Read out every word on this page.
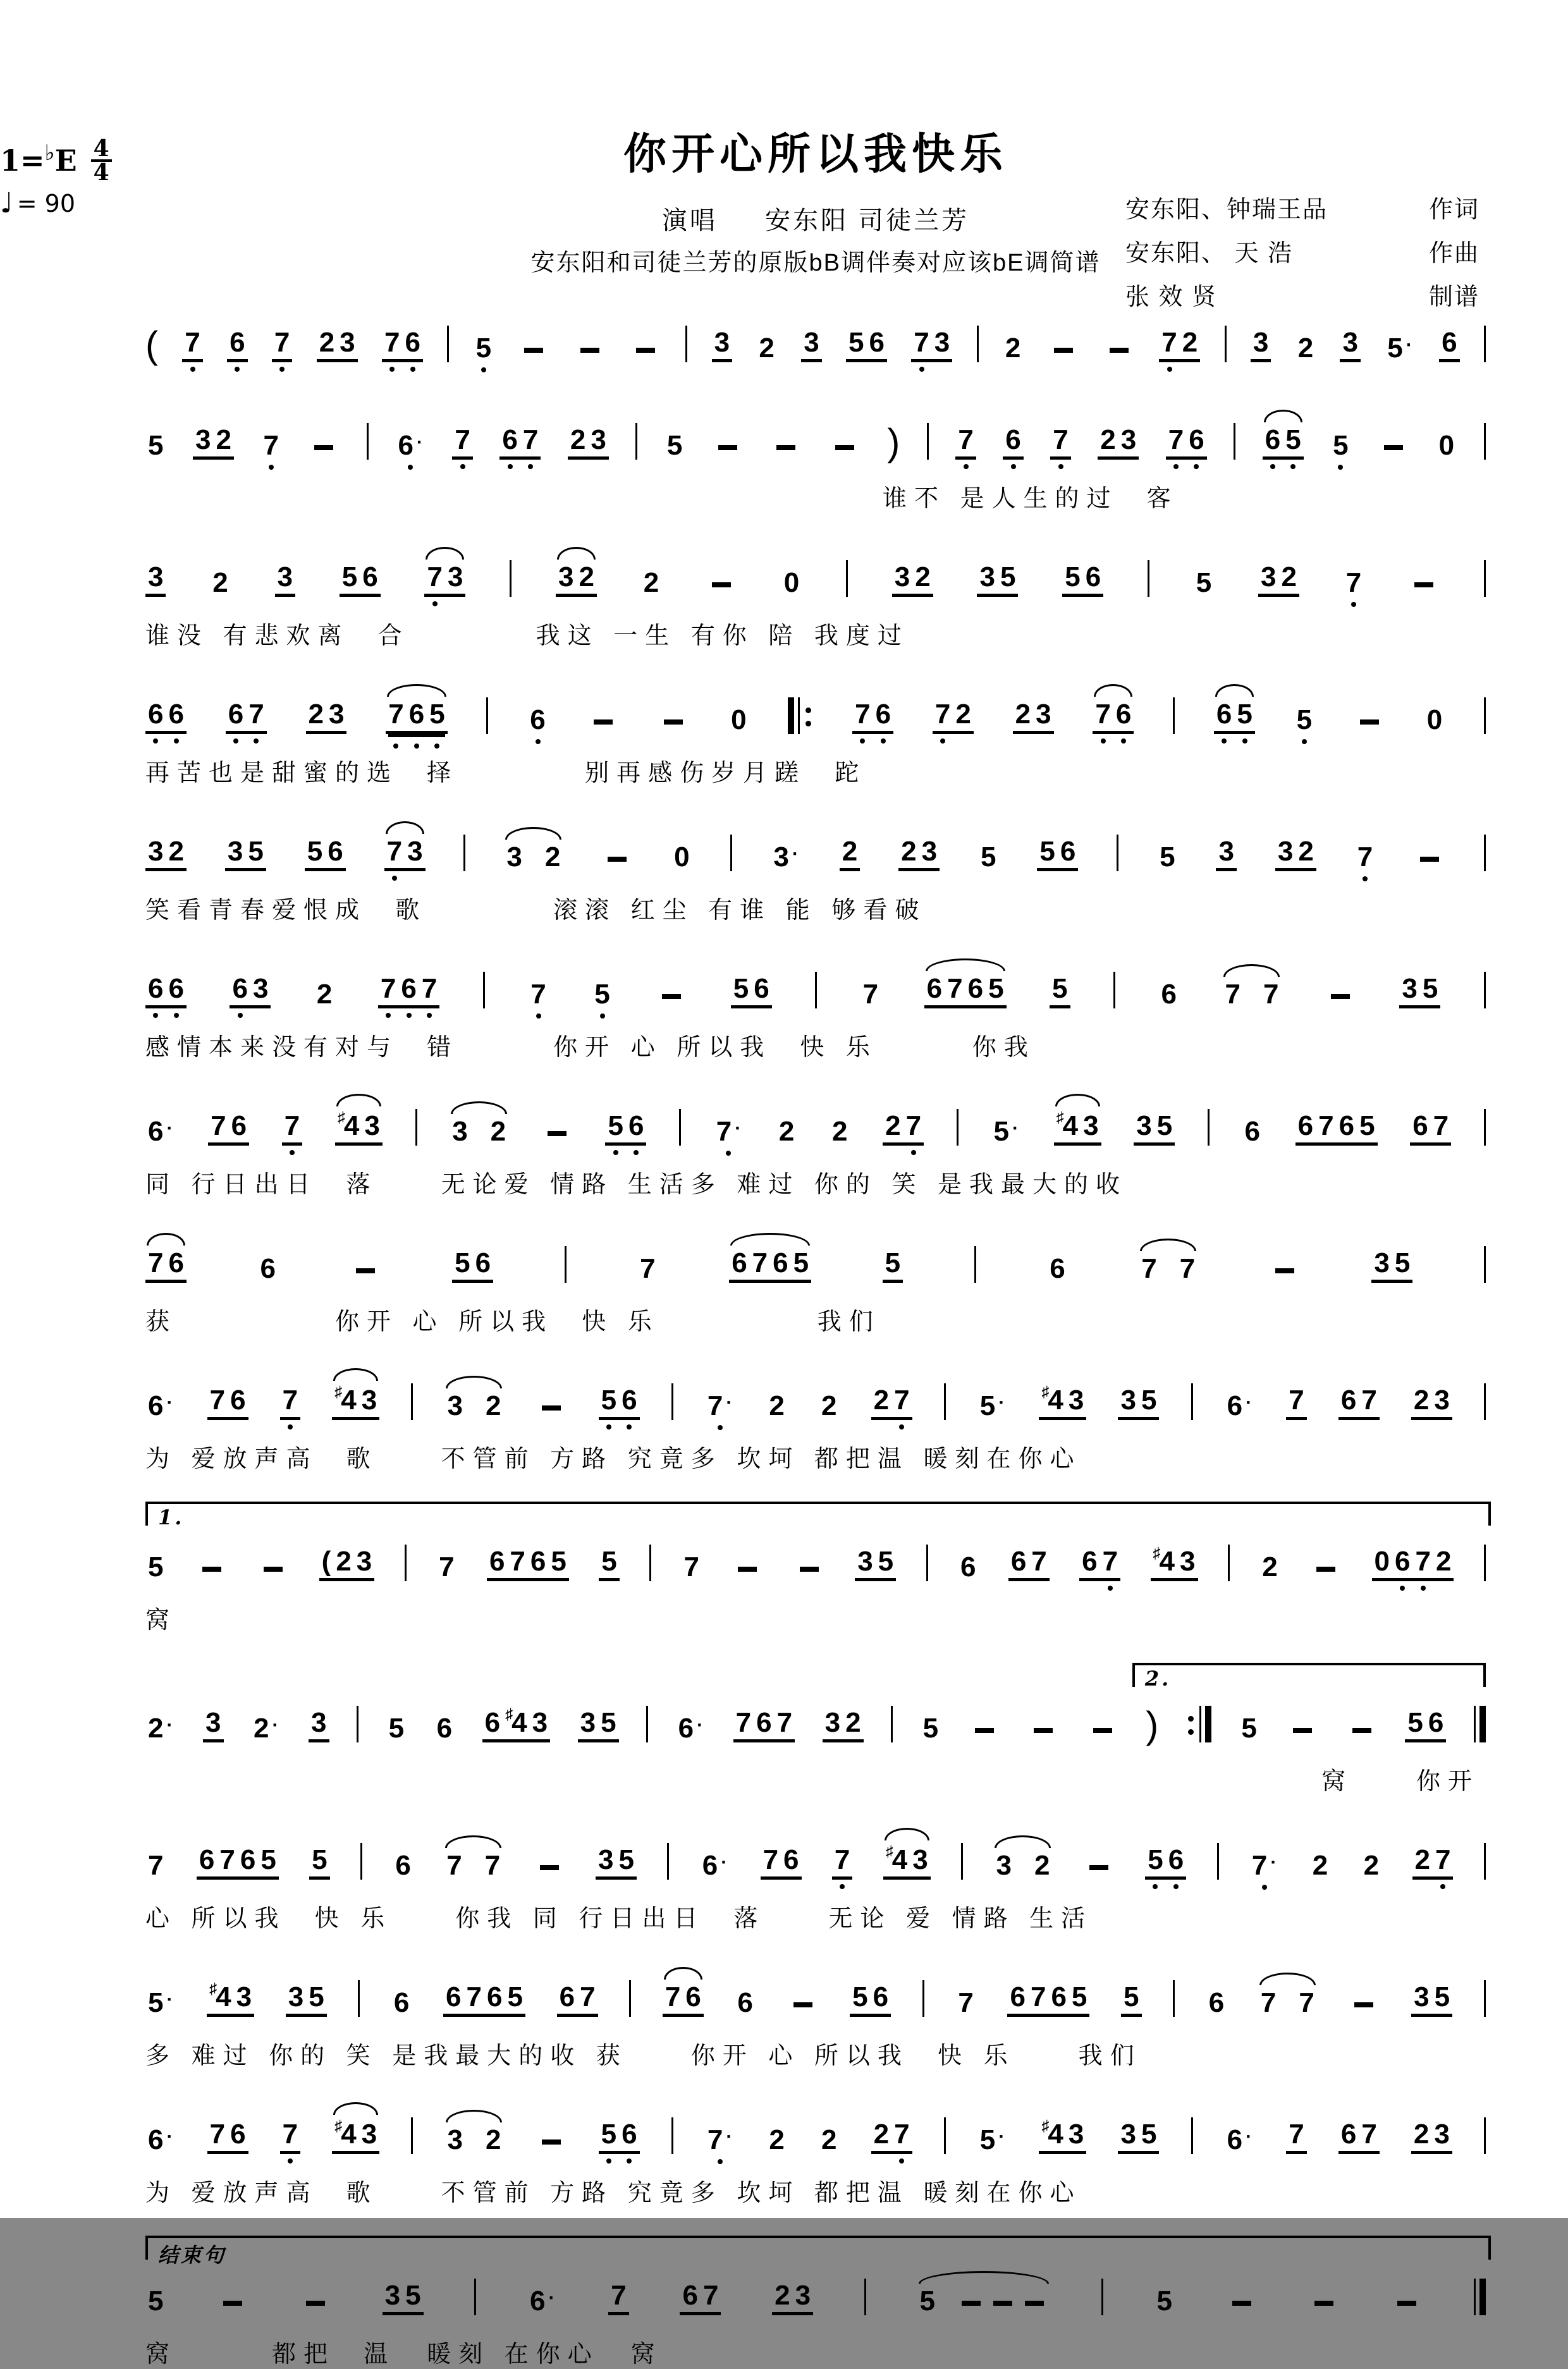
你开心所以我快乐
1= ♭ E $\frac{4}{4}$
♩ = 90
演唱 安东阳 司徒兰芳
安东阳和司徒兰芳的原版bB调伴奏对应该bE调简谱
安东阳、钟瑞王品	作词
安东阳、 天 浩	作曲
张 效 贤	制谱
( 7 6 7 2 3 7 6 5	3 2 3 5 6 7 3 2	7 2 3 2 3 5 · 6
5 3 2 7	6 · 7 6 7 2 3 5	) 7 6 7 2 3 7 6 6 5 5	0
谁不 是人生的过  客
3 2 3 5 6 7 3	3 2 2	0	3 2 3 5 5 6	5 3 2 7
谁没 有悲欢离  合　　　　我这 一生 有你 陪 我度过
6 6 6 7 2 3 7 6 5	6	0	7 6 7 2 2 3 7 6	6 5 5	0
再苦也是甜蜜的选  择　　　　别再感伤岁月蹉  跎
3 2 3 5 5 6 7 3	3 2	0	3 · 2 2 3 5 5 6	5 3 3 2 7
笑看青春爱恨成  歌　　　　滚滚 红尘 有谁 能 够看破
6 6 6 3 2 7 6 7	7 5	5 6	7 6 7 6 5 5	6 7 7	3 5
感情本来没有对与  错　　　你开 心 所以我  快 乐　　　你我
6 · 7 6 7 ♯4 3	3 2	5 6	7 · 2 2 2 7	5 ·
♯4 3 3 5	6 6 7 6 5 6 7
同 行日出日  落　　无论爱 情路 生活多 难过 你的 笑 是我最大的收
7 6	6	5 6	7	6 7 6 5	5	6	7 7	3 5
获　　　　　你开 心 所以我  快 乐　　　　　我们
6 · 7 6 7 ♯4 3	3 2	5 6	7 · 2 2 2 7	5 ·
♯4 3 3 5	6 · 7 6 7 2 3
为 爱放声高  歌　　不管前 方路 究竟多 坎坷 都把温 暖刻在你心
1.
5	( 2 3 7 6 7 6 5 5 7	3 5 6 6 7 6 7 ♯4 3 2	0 6 7 2
窝
2.
2 · 3 2 · 3 5 6 6 ♯4 3 3 5 6 · 7 6 7 3 2 5	)	5	5 6
窝　　你开
7 6 7 6 5 5 6 7 7	3 5 6 · 7 6 7 ♯4 3 3 2	5 6 7 · 2 2 2 7
心 所以我  快 乐　　你我 同 行日出日  落　　无论 爱 情路 生活
5 ·
♯4 3 3 5	6 6 7 6 5 6 7	7 6 6	5 6	7 6 7 6 5 5	6 7 7	3 5
多 难过 你的 笑 是我最大的收 获　　你开 心 所以我  快 乐　　我们
6 · 7 6 7 ♯4 3	3 2	5 6	7 · 2 2 2 7	5 ·
♯4 3 3 5	6 · 7 6 7 2 3
为 爱放声高  歌　　不管前 方路 究竟多 坎坷 都把温 暖刻在你心
结束句
5	3 5	6 · 7 6 7 2 3	5	5
窝　　　都把  温　暖刻 在你心　窝
